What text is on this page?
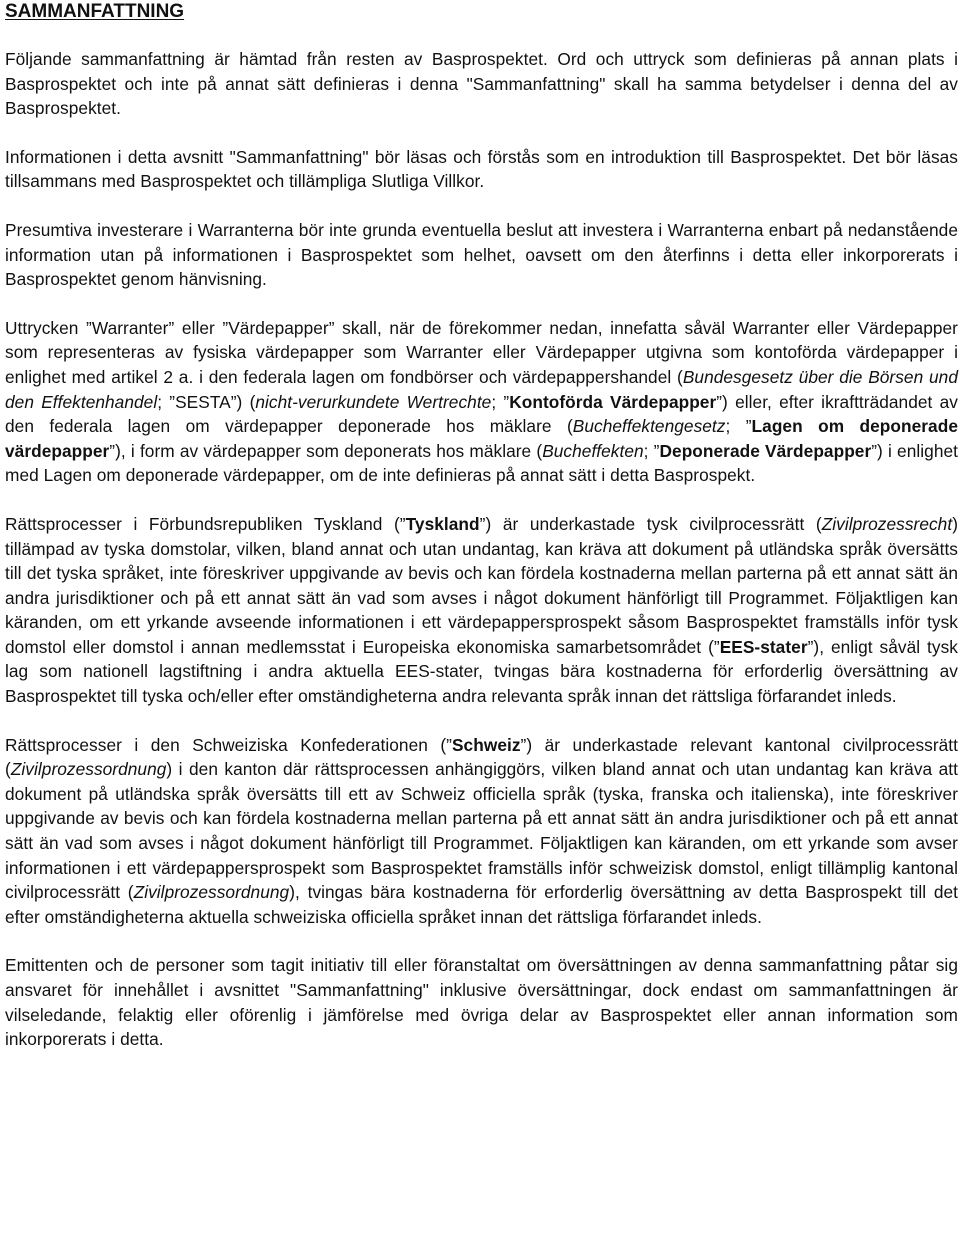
SAMMANFATTNING

Följande sammanfattning är hämtad från resten av Basprospektet. Ord och uttryck som definieras på annan plats i Basprospektet och inte på annat sätt definieras i denna "Sammanfattning" skall ha samma betydelser i denna del av Basprospektet.

Informationen i detta avsnitt "Sammanfattning" bör läsas och förstås som en introduktion till Basprospektet. Det bör läsas tillsammans med Basprospektet och tillämpliga Slutliga Villkor.

Presumtiva investerare i Warranterna bör inte grunda eventuella beslut att investera i Warranterna enbart på nedanstående information utan på informationen i Basprospektet som helhet, oavsett om den återfinns i detta eller inkorporerats i Basprospektet genom hänvisning.

Uttrycken ”Warranter” eller ”Värdepapper” skall, när de förekommer nedan, innefatta såväl Warranter eller Värdepapper som representeras av fysiska värdepapper som Warranter eller Värdepapper utgivna som kontoförda värdepapper i enlighet med artikel 2 a. i den federala lagen om fondbörser och värdepappershandel (Bundesgesetz über die Börsen und den Effektenhandel; ”SESTA”) (nicht-verurkundete Wertrechte; ”Kontoförda Värdepapper”) eller, efter ikraftträdandet av den federala lagen om värdepapper deponerade hos mäklare (Bucheffektengesetz; ”Lagen om deponerade värdepapper”), i form av värdepapper som deponerats hos mäklare (Bucheffekten; ”Deponerade Värdepapper”) i enlighet med Lagen om deponerade värdepapper, om de inte definieras på annat sätt i detta Basprospekt.

Rättsprocesser i Förbundsrepubliken Tyskland (”Tyskland”) är underkastade tysk civilprocessrätt (Zivilprozessrecht) tillämpad av tyska domstolar, vilken, bland annat och utan undantag, kan kräva att dokument på utländska språk översätts till det tyska språket, inte föreskriver uppgivande av bevis och kan fördela kostnaderna mellan parterna på ett annat sätt än andra jurisdiktioner och på ett annat sätt än vad som avses i något dokument hänförligt till Programmet. Följaktligen kan käranden, om ett yrkande avseende informationen i ett värdepappersprospekt såsom Basprospektet framställs inför tysk domstol eller domstol i annan medlemsstat i Europeiska ekonomiska samarbetsområdet (”EES-stater”), enligt såväl tysk lag som nationell lagstiftning i andra aktuella EES-stater, tvingas bära kostnaderna för erforderlig översättning av Basprospektet till tyska och/eller efter omständigheterna andra relevanta språk innan det rättsliga förfarandet inleds.

Rättsprocesser i den Schweiziska Konfederationen (”Schweiz”) är underkastade relevant kantonal civilprocessrätt (Zivilprozessordnung) i den kanton där rättsprocessen anhängiggörs, vilken bland annat och utan undantag kan kräva att dokument på utländska språk översätts till ett av Schweiz officiella språk (tyska, franska och italienska), inte föreskriver uppgivande av bevis och kan fördela kostnaderna mellan parterna på ett annat sätt än andra jurisdiktioner och på ett annat sätt än vad som avses i något dokument hänförligt till Programmet. Följaktligen kan käranden, om ett yrkande som avser informationen i ett värdepappersprospekt som Basprospektet framställs inför schweizisk domstol, enligt tillämplig kantonal civilprocessrätt (Zivilprozessordnung), tvingas bära kostnaderna för erforderlig översättning av detta Basprospekt till det efter omständigheterna aktuella schweiziska officiella språket innan det rättsliga förfarandet inleds.

Emittenten och de personer som tagit initiativ till eller föranstaltat om översättningen av denna sammanfattning påtar sig ansvaret för innehållet i avsnittet "Sammanfattning" inklusive översättningar, dock endast om sammanfattningen är vilseledande, felaktig eller oförenlig i jämförelse med övriga delar av Basprospektet eller annan information som inkorporerats i detta.
